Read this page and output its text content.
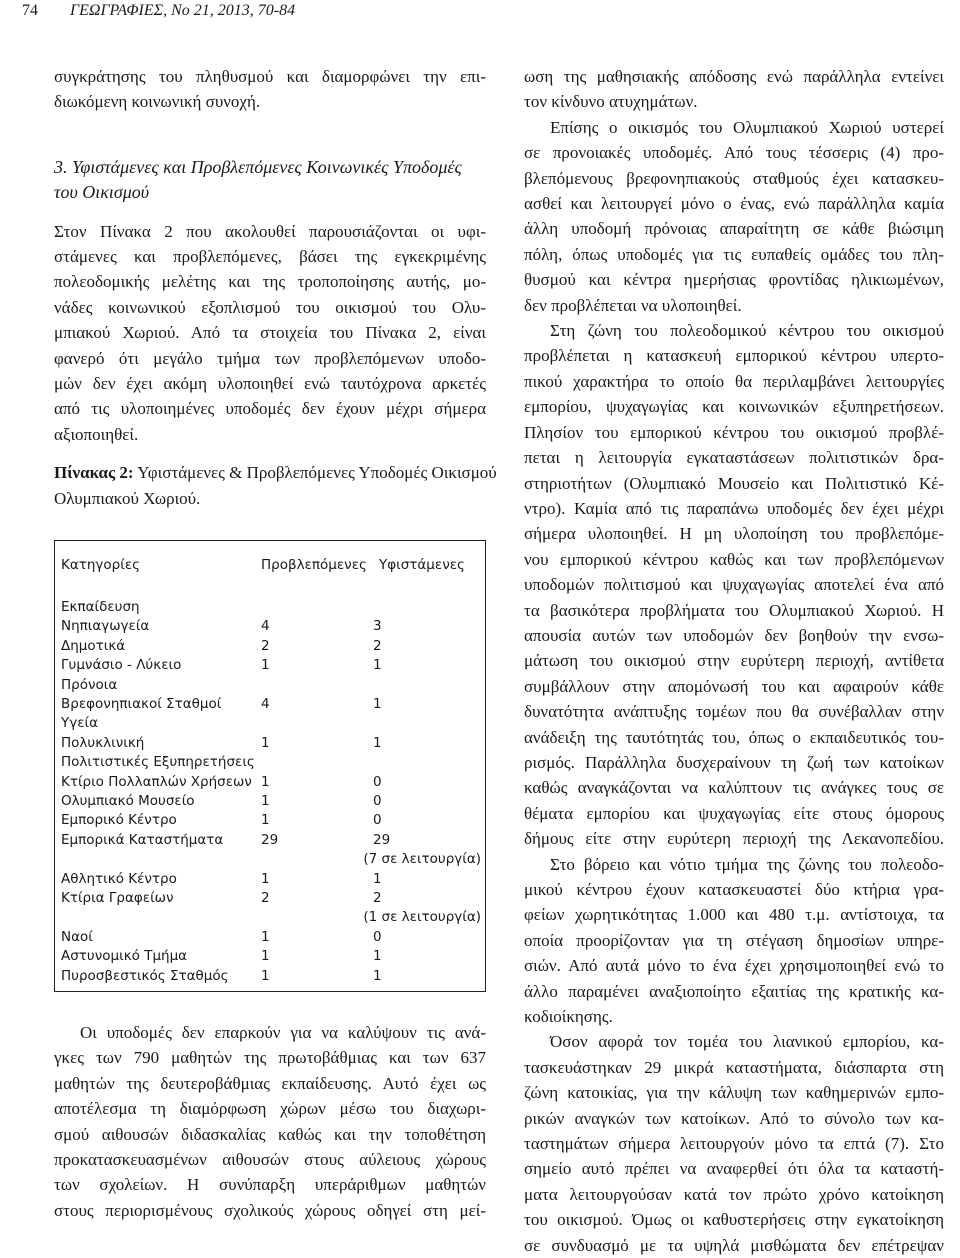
74 ΓΕΩΓΡΑΦΙΕΣ, Νο 21, 2013, 70-84
συγκράτησης του πληθυσμού και διαμορφώνει την επι-
διωκόμενη κοινωνική συνοχή.
3. Υφιστάμενες και Προβλεπόμενες Κοινωνικές Υποδομές
του Οικισμού
Στον Πίνακα 2 που ακολουθεί παρουσιάζονται οι υφι-
στάμενες και προβλεπόμενες, βάσει της εγκεκριμένης
πολεοδομικής μελέτης και της τροποποίησης αυτής, μο-
νάδες κοινωνικού εξοπλισμού του οικισμού του Ολυ-
μπιακού Χωριού. Από τα στοιχεία του Πίνακα 2, είναι
φανερό ότι μεγάλο τμήμα των προβλεπόμενων υποδο-
μών δεν έχει ακόμη υλοποιηθεί ενώ ταυτόχρονα αρκετές
από τις υλοποιημένες υποδομές δεν έχουν μέχρι σήμερα
αξιοποιηθεί.
Πίνακας 2: Υφιστάμενες & Προβλεπόμενες Υποδομές Οικισμού
Ολυμπιακού Χωριού.
Κατηγορίες	Προβλεπόμενες Υφιστάμενες
Εκπαίδευση
Νηπιαγωγεία	4	3
Δημοτικά	2	2
Γυμνάσιο - Λύκειο	1	1
Πρόνοια
Βρεφονηπιακοί Σταθμοί	4	1
Υγεία
Πολυκλινική	1	1
Πολιτιστικές Εξυπηρετήσεις
Κτίριο Πολλαπλών Χρήσεων 1	0
Ολυμπιακό Μουσείο	1	0
Εμπορικό Κέντρο	1	0
Εμπορικά Καταστήματα	29	29
(7 σε λειτουργία)
Αθλητικό Κέντρο	1	1
Κτίρια Γραφείων	2	2
(1 σε λειτουργία)
Ναοί	1	0
Αστυνομικό Τμήμα	1	1
Πυροσβεστικός Σταθμός 1	1
Οι υποδομές δεν επαρκούν για να καλύψουν τις ανά-
γκες των 790 μαθητών της πρωτοβάθμιας και των 637
μαθητών της δευτεροβάθμιας εκπαίδευσης. Αυτό έχει ως
αποτέλεσμα τη διαμόρφωση χώρων μέσω του διαχωρι-
σμού αιθουσών διδασκαλίας καθώς και την τοποθέτηση
προκατασκευασμένων αιθουσών στους αύλειους χώρους
των σχολείων. Η συνύπαρξη υπεράριθμων μαθητών
στους περιορισμένους σχολικούς χώρους οδηγεί στη μεί-
ωση της μαθησιακής απόδοσης ενώ παράλληλα εντείνει
τον κίνδυνο ατυχημάτων.
Επίσης ο οικισμός του Ολυμπιακού Χωριού υστερεί
σε προνοιακές υποδομές. Από τους τέσσερις (4) προ-
βλεπόμενους βρεφονηπιακούς σταθμούς έχει κατασκευ-
ασθεί και λειτουργεί μόνο ο ένας, ενώ παράλληλα καμία
άλλη υποδομή πρόνοιας απαραίτητη σε κάθε βιώσιμη
πόλη, όπως υποδομές για τις ευπαθείς ομάδες του πλη-
θυσμού και κέντρα ημερήσιας φροντίδας ηλικιωμένων,
δεν προβλέπεται να υλοποιηθεί.
Στη ζώνη του πολεοδομικού κέντρου του οικισμού
προβλέπεται η κατασκευή εμπορικού κέντρου υπερτο-
πικού χαρακτήρα το οποίο θα περιλαμβάνει λειτουργίες
εμπορίου, ψυχαγωγίας και κοινωνικών εξυπηρετήσεων.
Πλησίον του εμπορικού κέντρου του οικισμού προβλέ-
πεται η λειτουργία εγκαταστάσεων πολιτιστικών δρα-
στηριοτήτων (Ολυμπιακό Μουσείο και Πολιτιστικό Κέ-
ντρο). Καμία από τις παραπάνω υποδομές δεν έχει μέχρι
σήμερα υλοποιηθεί. Η μη υλοποίηση του προβλεπόμε-
νου εμπορικού κέντρου καθώς και των προβλεπόμενων
υποδομών πολιτισμού και ψυχαγωγίας αποτελεί ένα από
τα βασικότερα προβλήματα του Ολυμπιακού Χωριού. Η
απουσία αυτών των υποδομών δεν βοηθούν την ενσω-
μάτωση του οικισμού στην ευρύτερη περιοχή, αντίθετα
συμβάλλουν στην απομόνωσή του και αφαιρούν κάθε
δυνατότητα ανάπτυξης τομέων που θα συνέβαλλαν στην
ανάδειξη της ταυτότητάς του, όπως ο εκπαιδευτικός του-
ρισμός. Παράλληλα δυσχεραίνουν τη ζωή των κατοίκων
καθώς αναγκάζονται να καλύπτουν τις ανάγκες τους σε
θέματα εμπορίου και ψυχαγωγίας είτε στους όμορους
δήμους είτε στην ευρύτερη περιοχή της Λεκανοπεδίου.
Στο βόρειο και νότιο τμήμα της ζώνης του πολεοδο-
μικού κέντρου έχουν κατασκευαστεί δύο κτήρια γρα-
φείων χωρητικότητας 1.000 και 480 τ.μ. αντίστοιχα, τα
οποία προορίζονταν για τη στέγαση δημοσίων υπηρε-
σιών. Από αυτά μόνο το ένα έχει χρησιμοποιηθεί ενώ το
άλλο παραμένει αναξιοποίητο εξαιτίας της κρατικής κα-
κοδιοίκησης.
Όσον αφορά τον τομέα του λιανικού εμπορίου, κα-
τασκευάστηκαν 29 μικρά καταστήματα, διάσπαρτα στη
ζώνη κατοικίας, για την κάλυψη των καθημερινών εμπο-
ρικών αναγκών των κατοίκων. Από το σύνολο των κα-
ταστημάτων σήμερα λειτουργούν μόνο τα επτά (7). Στο
σημείο αυτό πρέπει να αναφερθεί ότι όλα τα καταστή-
ματα λειτουργούσαν κατά τον πρώτο χρόνο κατοίκηση
του οικισμού. Όμως οι καθυστερήσεις στην εγκατοίκηση
σε συνδυασμό με τα υψηλά μισθώματα δεν επέτρεψαν
